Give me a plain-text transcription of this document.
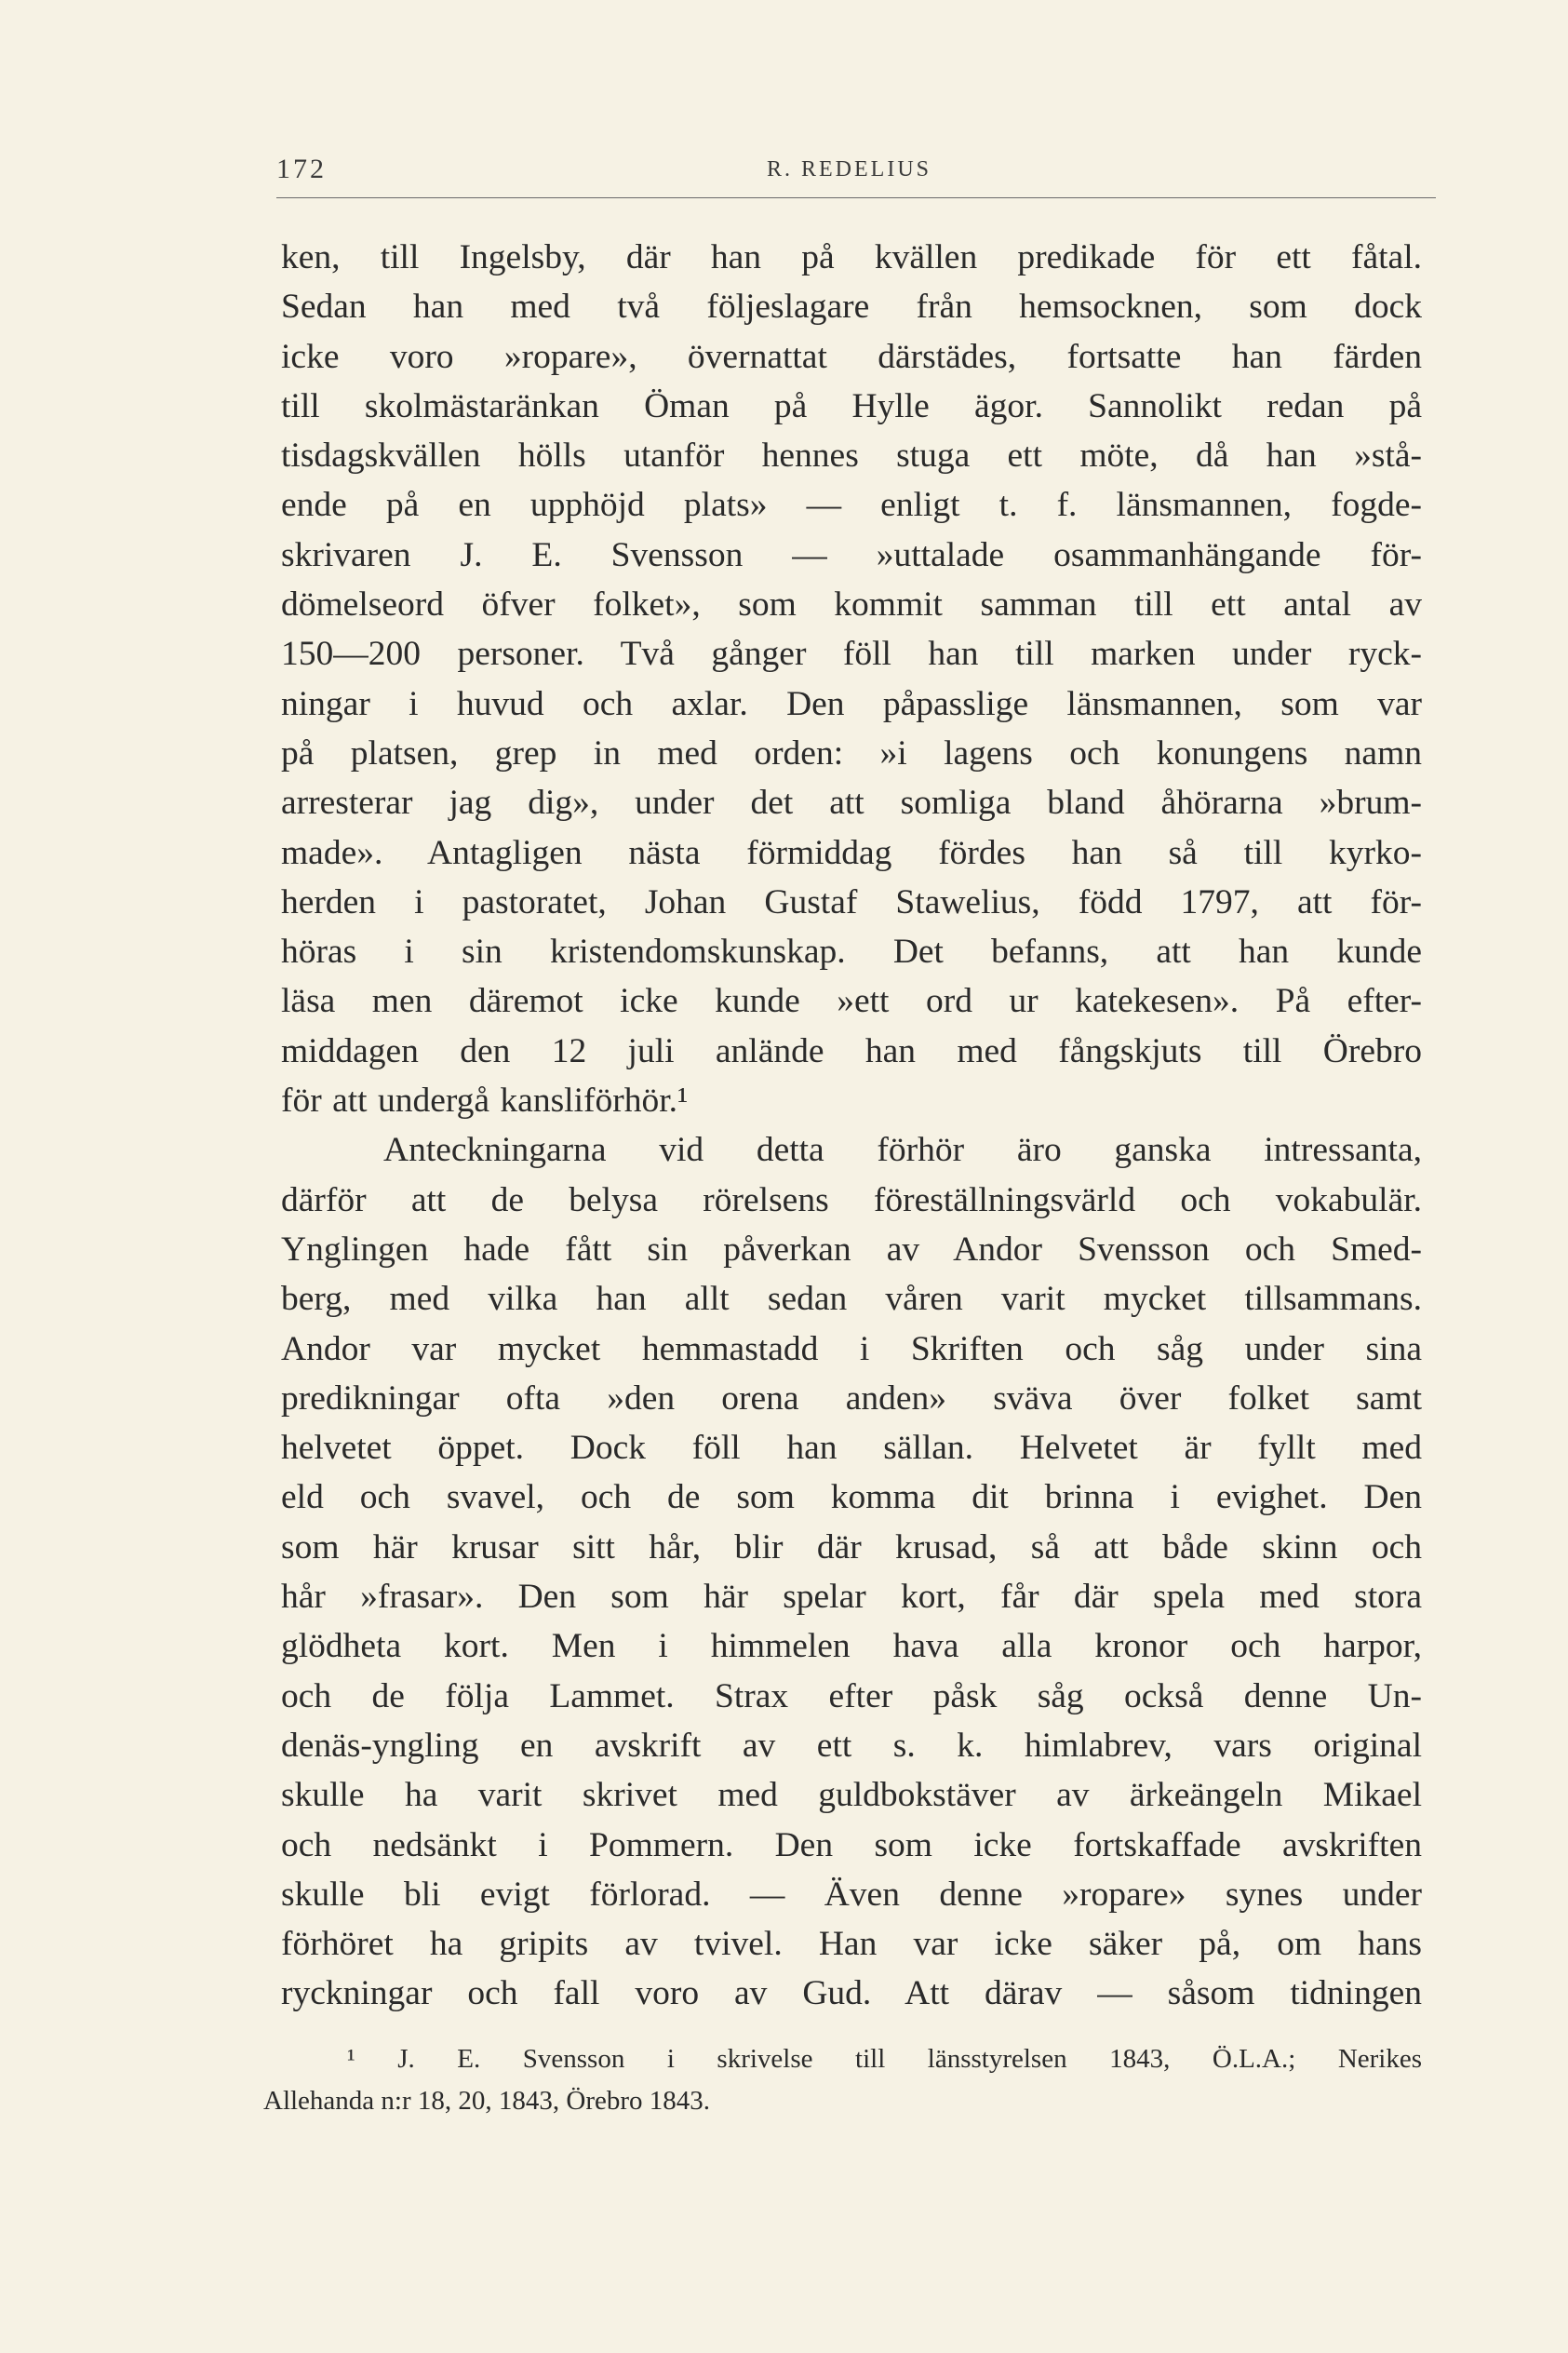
172	R. REDELIUS
ken, till Ingelsby, där han på kvällen predikade för ett fåtal.
Sedan han med två följeslagare från hemsocknen, som dock
icke voro »ropare», övernattat därstädes, fortsatte han färden
till skolmästaränkan Öman på Hylle ägor. Sannolikt redan på
tisdagskvällen hölls utanför hennes stuga ett möte, då han »stå-
ende på en upphöjd plats» — enligt t. f. länsmannen, fogde-
skrivaren J. E. Svensson — »uttalade osammanhängande för-
dömelseord öfver folket», som kommit samman till ett antal av
150—200 personer. Två gånger föll han till marken under ryck-
ningar i huvud och axlar. Den påpasslige länsmannen, som var
på platsen, grep in med orden: »i lagens och konungens namn
arresterar jag dig», under det att somliga bland åhörarna »brum-
made». Antagligen nästa förmiddag fördes han så till kyrko-
herden i pastoratet, Johan Gustaf Stawelius, född 1797, att för-
höras i sin kristendomskunskap. Det befanns, att han kunde
läsa men däremot icke kunde »ett ord ur katekesen». På efter-
middagen den 12 juli anlände han med fångskjuts till Örebro
för att undergå kansliförhör.¹
Anteckningarna vid detta förhör äro ganska intressanta,
därför att de belysa rörelsens föreställningsvärld och vokabulär.
Ynglingen hade fått sin påverkan av Andor Svensson och Smed-
berg, med vilka han allt sedan våren varit mycket tillsammans.
Andor var mycket hemmastadd i Skriften och såg under sina
predikningar ofta »den orena anden» sväva över folket samt
helvetet öppet. Dock föll han sällan. Helvetet är fyllt med
eld och svavel, och de som komma dit brinna i evighet. Den
som här krusar sitt hår, blir där krusad, så att både skinn och
hår »frasar». Den som här spelar kort, får där spela med stora
glödheta kort. Men i himmelen hava alla kronor och harpor,
och de följa Lammet. Strax efter påsk såg också denne Un-
denäs-yngling en avskrift av ett s. k. himlabrev, vars original
skulle ha varit skrivet med guldbokstäver av ärkeängeln Mikael
och nedsänkt i Pommern. Den som icke fortskaffade avskriften
skulle bli evigt förlorad. — Även denne »ropare» synes under
förhöret ha gripits av tvivel. Han var icke säker på, om hans
ryckningar och fall voro av Gud. Att därav — såsom tidningen
¹ J. E. Svensson i skrivelse till länsstyrelsen 1843, Ö.L.A.; Nerikes
Allehanda n:r 18, 20, 1843, Örebro 1843.
